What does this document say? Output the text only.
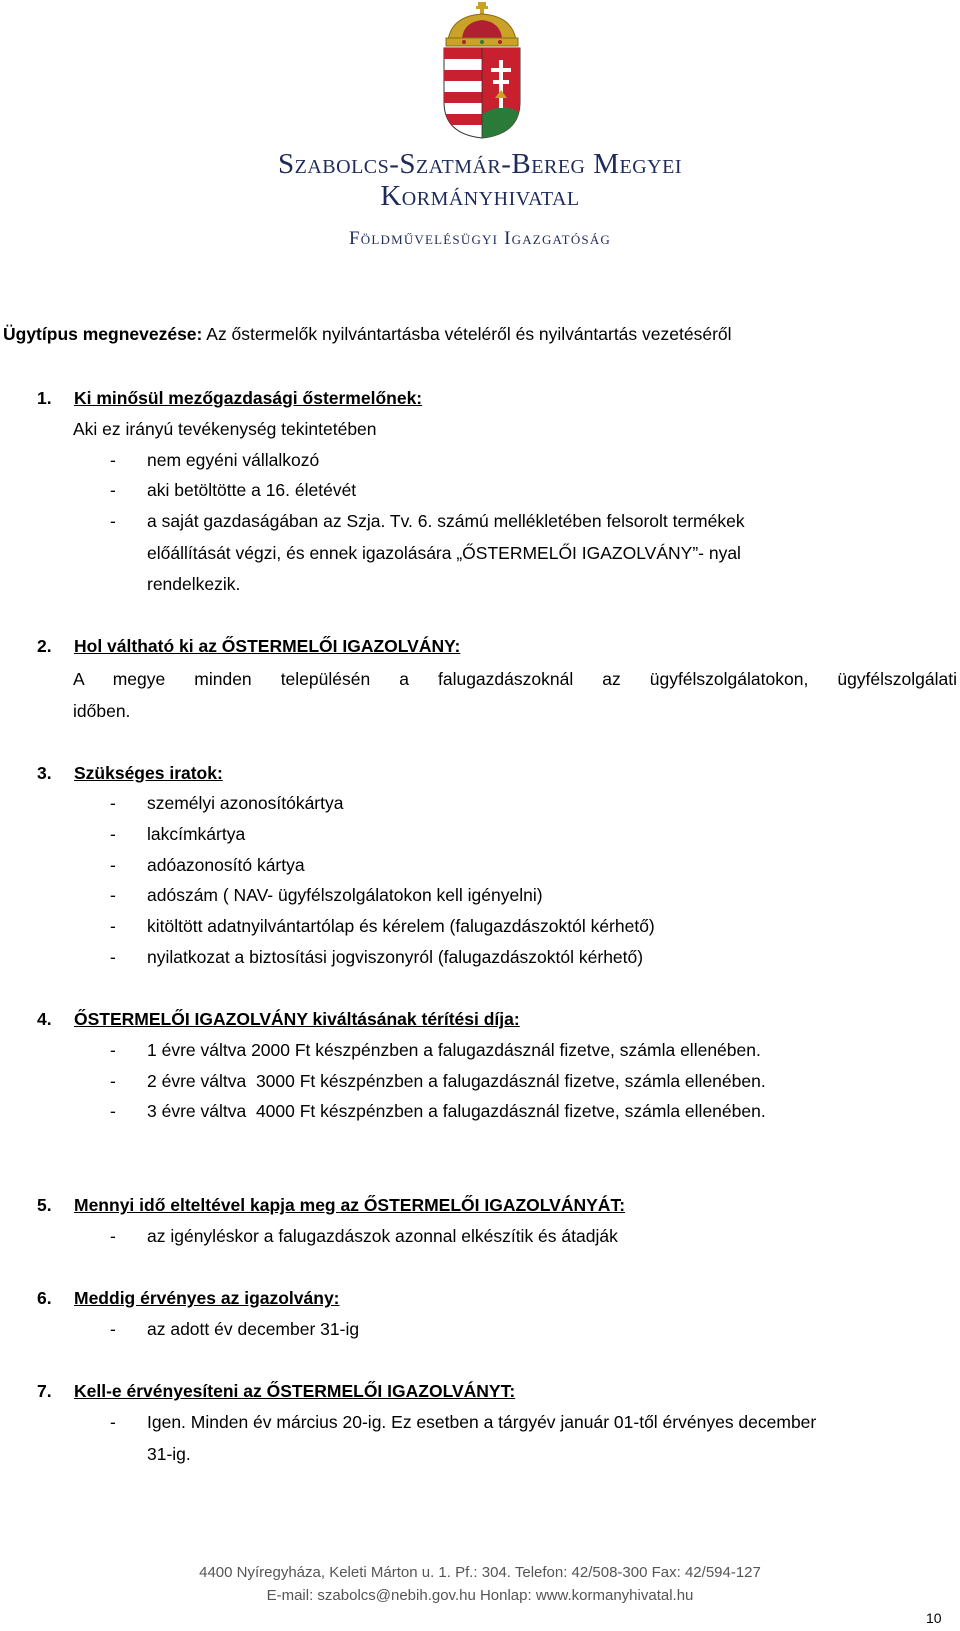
Szabolcs-Szatmár-Bereg Megyei
Kormányhivatal
Földművelésügyi Igazgatóság
Ügytípus megnevezése: Az őstermelők nyilvántartásba vételéről és nyilvántartás vezetéséről
1. Ki minősül mezőgazdasági őstermelőnek:
Aki ez irányú tevékenység tekintetében
- nem egyéni vállalkozó
- aki betöltötte a 16. életévét
- a saját gazdaságában az Szja. Tv. 6. számú mellékletében felsorolt termékek
előállítását végzi, és ennek igazolására „ŐSTERMELŐI IGAZOLVÁNY”- nyal
rendelkezik.
2. Hol váltható ki az ŐSTERMELŐI IGAZOLVÁNY:
A megye minden településén a falugazdászoknál az ügyfélszolgálatokon, ügyfélszolgálati
időben.
3. Szükséges iratok:
- személyi azonosítókártya
- lakcímkártya
- adóazonosító kártya
- adószám ( NAV- ügyfélszolgálatokon kell igényelni)
- kitöltött adatnyilvántartólap és kérelem (falugazdászoktól kérhető)
- nyilatkozat a biztosítási jogviszonyról (falugazdászoktól kérhető)
4. ŐSTERMELŐI IGAZOLVÁNY kiváltásának térítési díja:
- 1 évre váltva 2000 Ft készpénzben a falugazdásznál fizetve, számla ellenében.
- 2 évre váltva  3000 Ft készpénzben a falugazdásznál fizetve, számla ellenében.
- 3 évre váltva  4000 Ft készpénzben a falugazdásznál fizetve, számla ellenében.
5. Mennyi idő elteltével kapja meg az ŐSTERMELŐI IGAZOLVÁNYÁT:
- az igényléskor a falugazdászok azonnal elkészítik és átadják
6. Meddig érvényes az igazolvány:
- az adott év december 31-ig
7. Kell-e érvényesíteni az ŐSTERMELŐI IGAZOLVÁNYT:
- Igen. Minden év március 20-ig. Ez esetben a tárgyév január 01-től érvényes december
31-ig.
4400 Nyíregyháza, Keleti Márton u. 1. Pf.: 304. Telefon: 42/508-300 Fax: 42/594-127
E-mail: szabolcs@nebih.gov.hu Honlap: www.kormanyhivatal.hu
10
